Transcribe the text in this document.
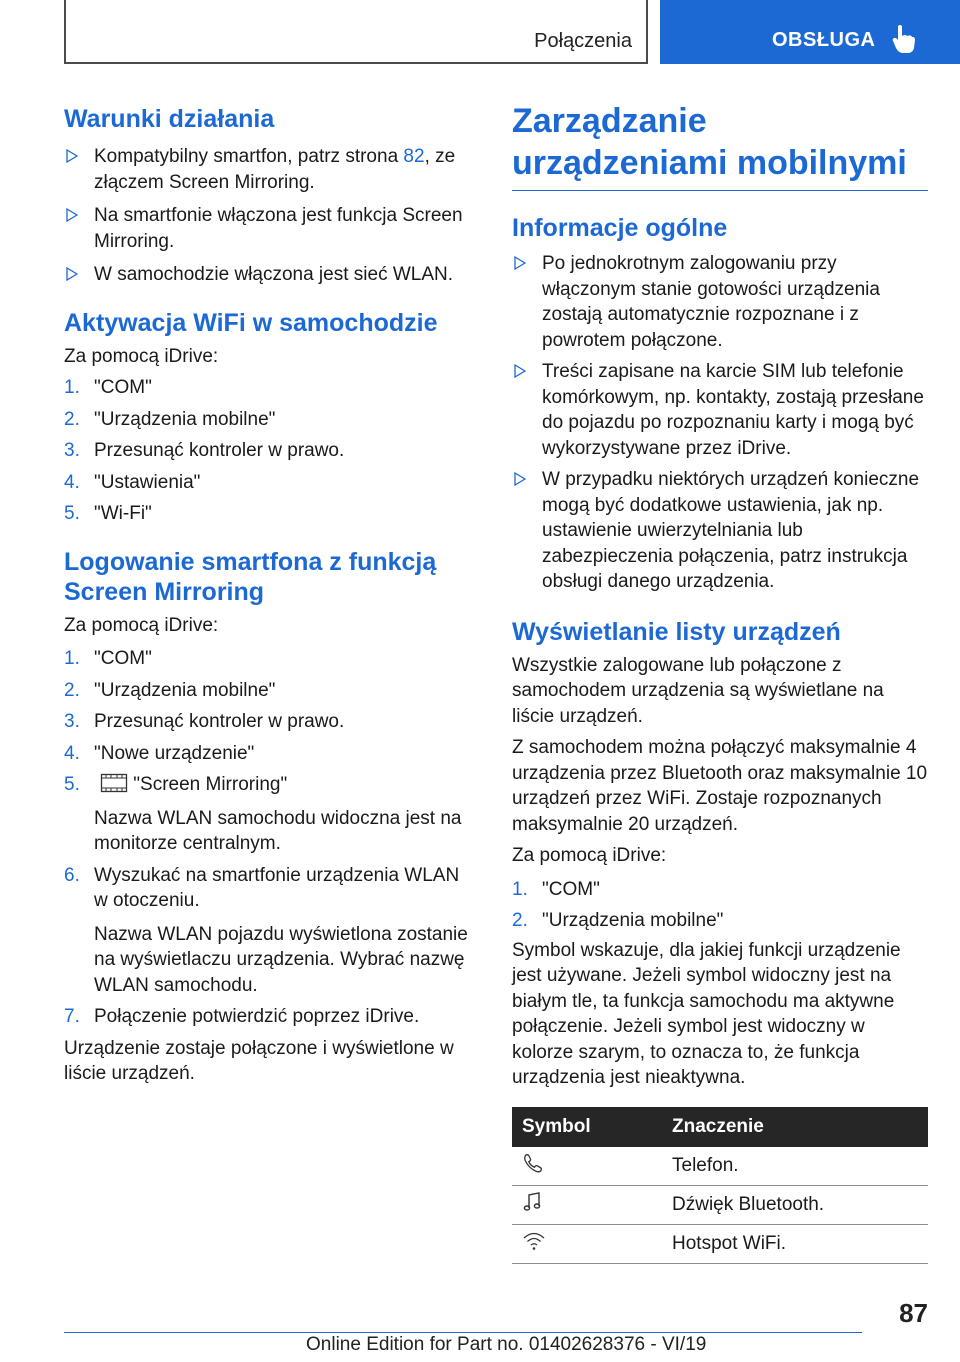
Połączenia	OBSŁUGA
Warunki działania
Kompatybilny smartfon, patrz strona 82, ze złączem Screen Mirroring.
Na smartfonie włączona jest funkcja Screen Mirroring.
W samochodzie włączona jest sieć WLAN.
Aktywacja WiFi w samochodzie

Za pomocą iDrive:

1. "COM"
2. "Urządzenia mobilne"
3. Przesunąć kontroler w prawo.
4. "Ustawienia"
5. "Wi-Fi"
Logowanie smartfona z funkcją Screen Mirroring

Za pomocą iDrive:

1. "COM"
2. "Urządzenia mobilne"
3. Przesunąć kontroler w prawo.
4. "Nowe urządzenie"
5.	"Screen Mirroring"

Nazwa WLAN samochodu widoczna jest na monitorze centralnym.

6. Wyszukać na smartfonie urządzenia WLAN w otoczeniu.

Nazwa WLAN pojazdu wyświetlona zostanie na wyświetlaczu urządzenia. Wybrać nazwę WLAN samochodu.

7. Połączenie potwierdzić poprzez iDrive.

Urządzenie zostaje połączone i wyświetlone w liście urządzeń.

Zarządzanie urządzeniami mobilnymi
Informacje ogólne
Po jednokrotnym zalogowaniu przy włączonym stanie gotowości urządzenia zostają automatycznie rozpoznane i z powrotem połączone.
Treści zapisane na karcie SIM lub telefonie komórkowym, np. kontakty, zostają przesłane do pojazdu po rozpoznaniu karty i mogą być wykorzystywane przez iDrive.
W przypadku niektórych urządzeń konieczne mogą być dodatkowe ustawienia, jak np. ustawienie uwierzytelniania lub zabezpieczenia połączenia, patrz instrukcja obsługi danego urządzenia.
Wyświetlanie listy urządzeń

Wszystkie zalogowane lub połączone z samochodem urządzenia są wyświetlane na liście urządzeń.

Z samochodem można połączyć maksymalnie 4 urządzenia przez Bluetooth oraz maksymalnie 10 urządzeń przez WiFi. Zostaje rozpoznanych maksymalnie 20 urządzeń.

Za pomocą iDrive:

1. "COM"
2. "Urządzenia mobilne"

Symbol wskazuje, dla jakiej funkcji urządzenie jest używane. Jeżeli symbol widoczny jest na białym tle, ta funkcja samochodu ma aktywne połączenie. Jeżeli symbol jest widoczny w kolorze szarym, to oznacza to, że funkcja urządzenia jest nieaktywna.

Symbol	Znaczenie
	Telefon.
	Dźwięk Bluetooth.
	Hotspot WiFi.
87
Online Edition for Part no. 01402628376 - VI/19
